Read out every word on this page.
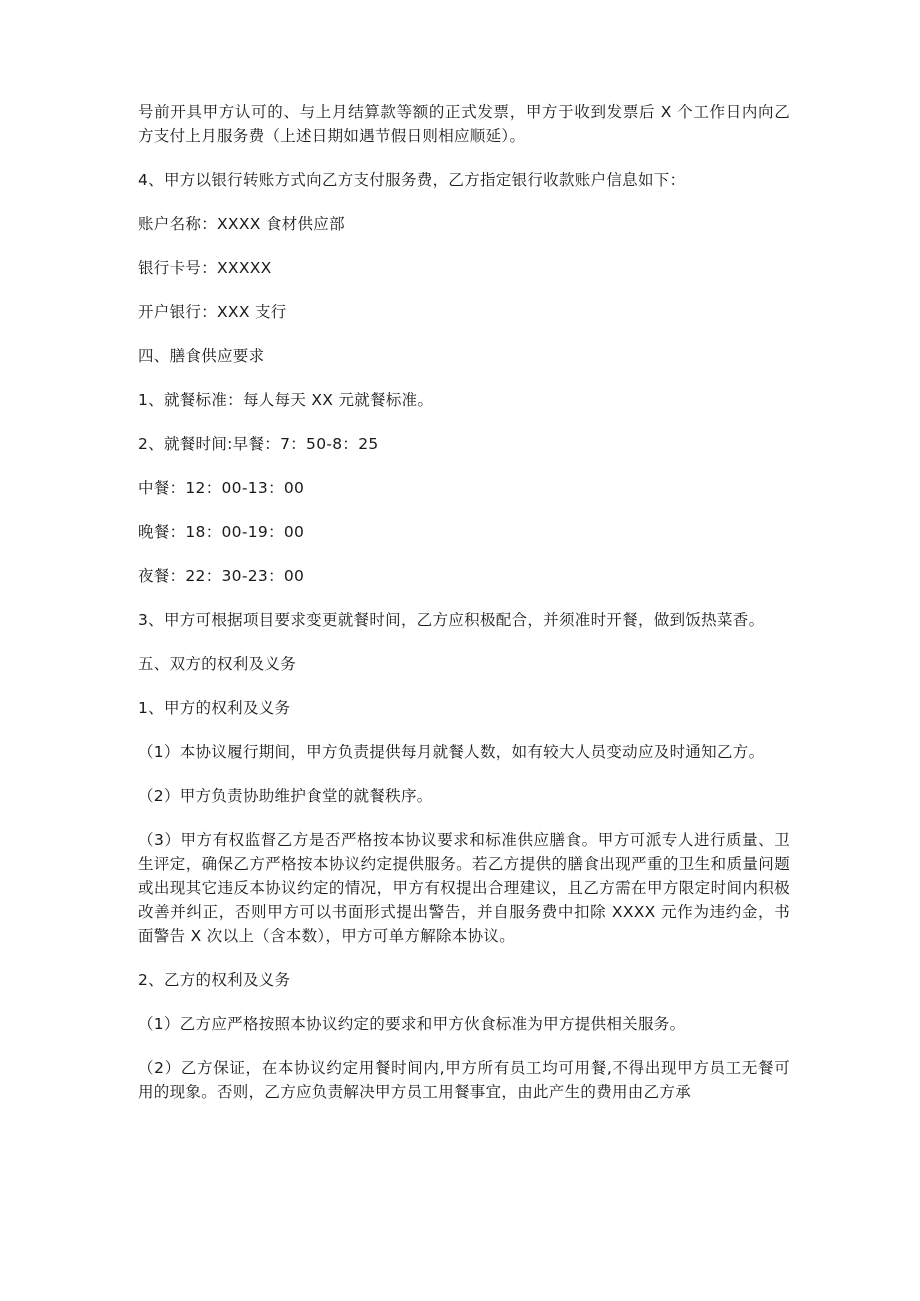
号前开具甲方认可的、与上月结算款等额的正式发票，甲方于收到发票后 X 个工作日内向乙方支付上月服务费（上述日期如遇节假日则相应顺延）。

4、甲方以银行转账方式向乙方支付服务费，乙方指定银行收款账户信息如下：

账户名称：XXXX 食材供应部

银行卡号：XXXXX

开户银行：XXX 支行

四、膳食供应要求

1、就餐标准：每人每天 XX 元就餐标准。

2、就餐时间:早餐：7：50-8：25

中餐：12：00-13：00

晚餐：18：00-19：00

夜餐：22：30-23：00

3、甲方可根据项目要求变更就餐时间，乙方应积极配合，并须准时开餐，做到饭热菜香。

五、双方的权利及义务

1、甲方的权利及义务

（1）本协议履行期间，甲方负责提供每月就餐人数，如有较大人员变动应及时通知乙方。

（2）甲方负责协助维护食堂的就餐秩序。

（3）甲方有权监督乙方是否严格按本协议要求和标准供应膳食。甲方可派专人进行质量、卫生评定，确保乙方严格按本协议约定提供服务。若乙方提供的膳食出现严重的卫生和质量问题或出现其它违反本协议约定的情况，甲方有权提出合理建议，且乙方需在甲方限定时间内积极改善并纠正，否则甲方可以书面形式提出警告，并自服务费中扣除 XXXX 元作为违约金，书面警告 X 次以上（含本数），甲方可单方解除本协议。

2、乙方的权利及义务

（1）乙方应严格按照本协议约定的要求和甲方伙食标准为甲方提供相关服务。

（2）乙方保证，在本协议约定用餐时间内,甲方所有员工均可用餐,不得出现甲方员工无餐可用的现象。否则，乙方应负责解决甲方员工用餐事宜，由此产生的费用由乙方承
